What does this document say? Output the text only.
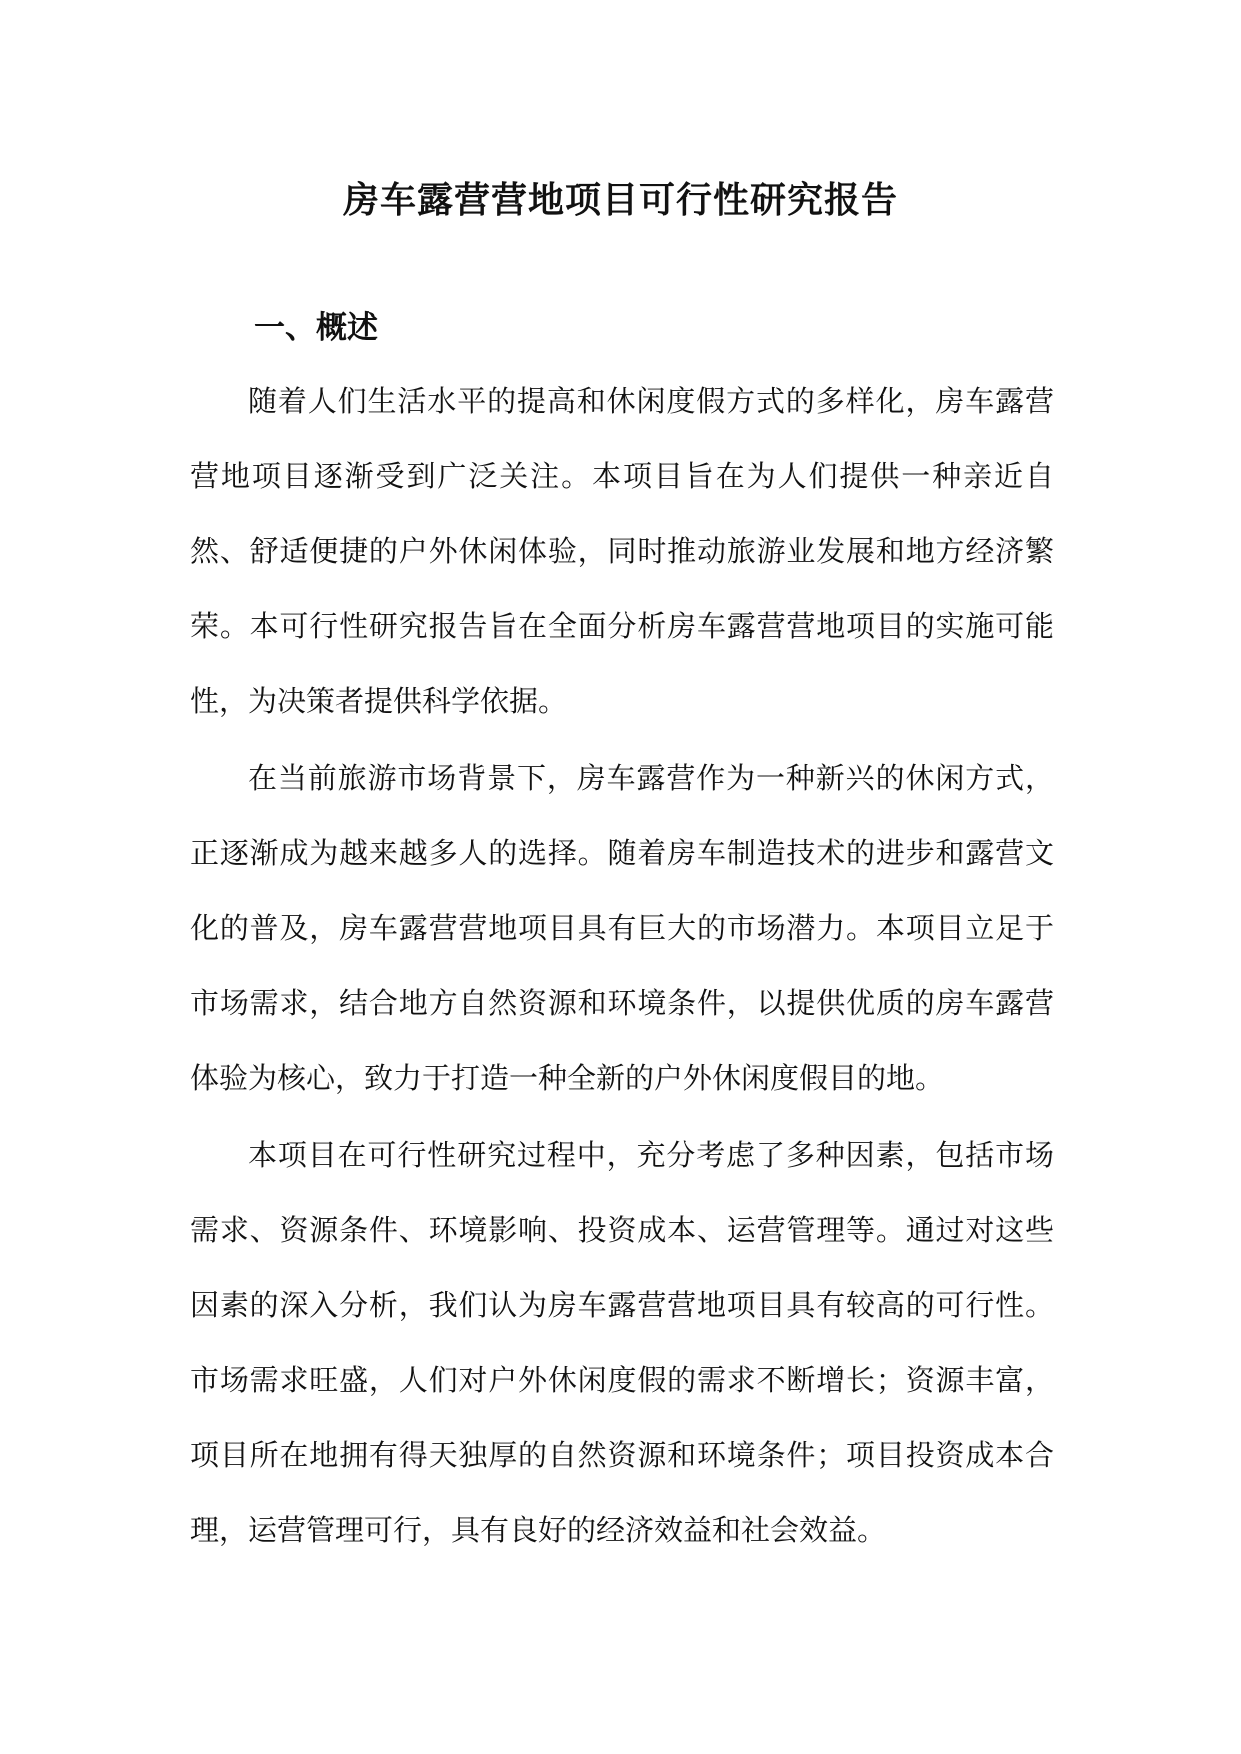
房车露营营地项目可行性研究报告
一、概述

随着人们生活水平的提高和休闲度假方式的多样化，房车露营营地项目逐渐受到广泛关注。本项目旨在为人们提供一种亲近自然、舒适便捷的户外休闲体验，同时推动旅游业发展和地方经济繁荣。本可行性研究报告旨在全面分析房车露营营地项目的实施可能性，为决策者提供科学依据。

在当前旅游市场背景下，房车露营作为一种新兴的休闲方式，正逐渐成为越来越多人的选择。随着房车制造技术的进步和露营文化的普及，房车露营营地项目具有巨大的市场潜力。本项目立足于市场需求，结合地方自然资源和环境条件，以提供优质的房车露营体验为核心，致力于打造一种全新的户外休闲度假目的地。

本项目在可行性研究过程中，充分考虑了多种因素，包括市场需求、资源条件、环境影响、投资成本、运营管理等。通过对这些因素的深入分析，我们认为房车露营营地项目具有较高的可行性。市场需求旺盛，人们对户外休闲度假的需求不断增长；资源丰富，项目所在地拥有得天独厚的自然资源和环境条件；项目投资成本合理，运营管理可行，具有良好的经济效益和社会效益。
